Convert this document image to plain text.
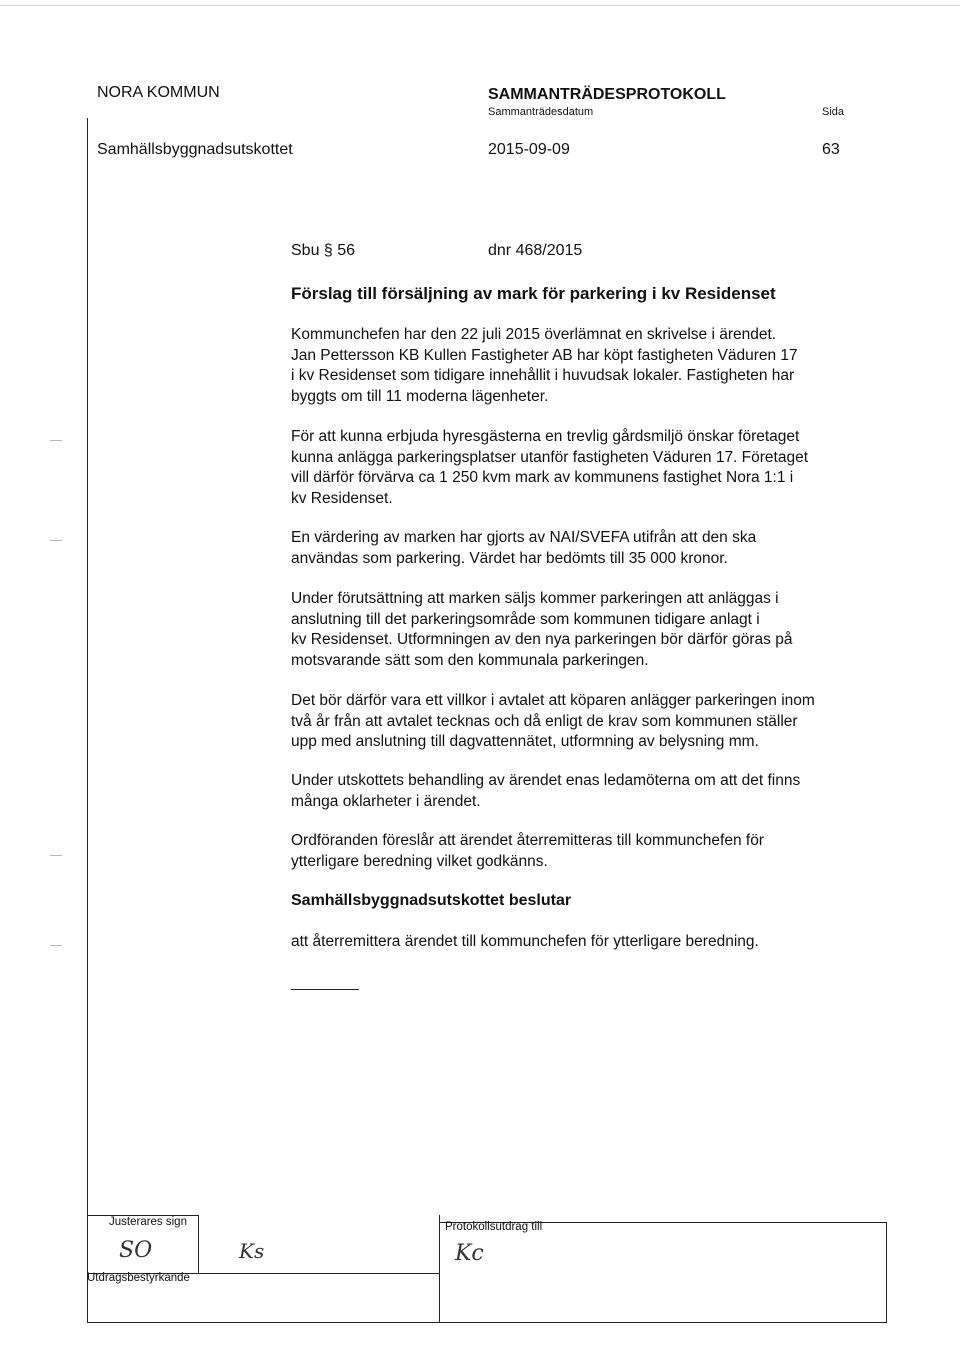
NORA KOMMUN	SAMMANTRÄDESPROTOKOLL
Sammanträdesdatum	Sida
Samhällsbyggnadsutskottet	2015-09-09	63
Sbu § 56	dnr 468/2015
Förslag till försäljning av mark för parkering i kv Residenset
Kommunchefen har den 22 juli 2015 överlämnat en skrivelse i ärendet.
Jan Pettersson KB Kullen Fastigheter AB har köpt fastigheten Väduren 17
i kv Residenset som tidigare innehållit i huvudsak lokaler. Fastigheten har
byggts om till 11 moderna lägenheter.
För att kunna erbjuda hyresgästerna en trevlig gårdsmiljö önskar företaget
kunna anlägga parkeringsplatser utanför fastigheten Väduren 17. Företaget
vill därför förvärva ca 1 250 kvm mark av kommunens fastighet Nora 1:1 i
kv Residenset.
En värdering av marken har gjorts av NAI/SVEFA utifrån att den ska
användas som parkering. Värdet har bedömts till 35 000 kronor.
Under förutsättning att marken säljs kommer parkeringen att anläggas i
anslutning till det parkeringsområde som kommunen tidigare anlagt i
kv Residenset. Utformningen av den nya parkeringen bör därför göras på
motsvarande sätt som den kommunala parkeringen.
Det bör därför vara ett villkor i avtalet att köparen anlägger parkeringen inom
två år från att avtalet tecknas och då enligt de krav som kommunen ställer
upp med anslutning till dagvattennätet, utformning av belysning mm.
Under utskottets behandling av ärendet enas ledamöterna om att det finns
många oklarheter i ärendet.
Ordföranden föreslår att ärendet återremitteras till kommunchefen för
ytterligare beredning vilket godkänns.
Samhällsbyggnadsutskottet beslutar
att återremittera ärendet till kommunchefen för ytterligare beredning.
Justerares sign
Utdragsbestyrkande
Protokollsutdrag till
SO	Ks	Kc
